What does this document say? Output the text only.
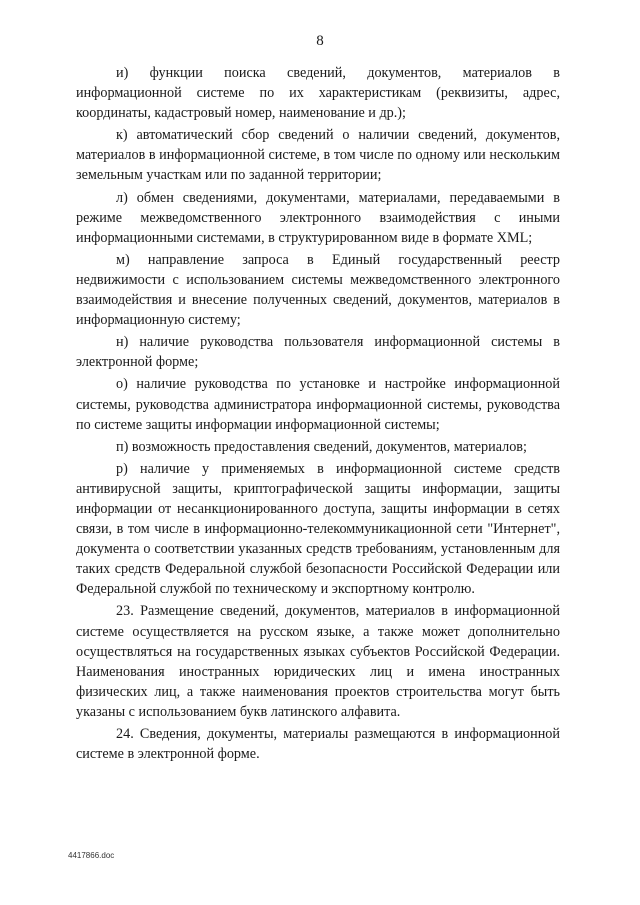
8

и) функции поиска сведений, документов, материалов в информационной системе по их характеристикам (реквизиты, адрес, координаты, кадастровый номер, наименование и др.);

к) автоматический сбор сведений о наличии сведений, документов, материалов в информационной системе, в том числе по одному или нескольким земельным участкам или по заданной территории;

л) обмен сведениями, документами, материалами, передаваемыми в режиме межведомственного электронного взаимодействия с иными информационными системами, в структурированном виде в формате XML;

м) направление запроса в Единый государственный реестр недвижимости с использованием системы межведомственного электронного взаимодействия и внесение полученных сведений, документов, материалов в информационную систему;

н) наличие руководства пользователя информационной системы в электронной форме;

о) наличие руководства по установке и настройке информационной системы, руководства администратора информационной системы, руководства по системе защиты информации информационной системы;

п) возможность предоставления сведений, документов, материалов;

р) наличие у применяемых в информационной системе средств антивирусной защиты, криптографической защиты информации, защиты информации от несанкционированного доступа, защиты информации в сетях связи, в том числе в информационно-телекоммуникационной сети "Интернет", документа о соответствии указанных средств требованиям, установленным для таких средств Федеральной службой безопасности Российской Федерации или Федеральной службой по техническому и экспортному контролю.

23. Размещение сведений, документов, материалов в информационной системе осуществляется на русском языке, а также может дополнительно осуществляться на государственных языках субъектов Российской Федерации. Наименования иностранных юридических лиц и имена иностранных физических лиц, а также наименования проектов строительства могут быть указаны с использованием букв латинского алфавита.

24. Сведения, документы, материалы размещаются в информационной системе в электронной форме.

4417866.doc
